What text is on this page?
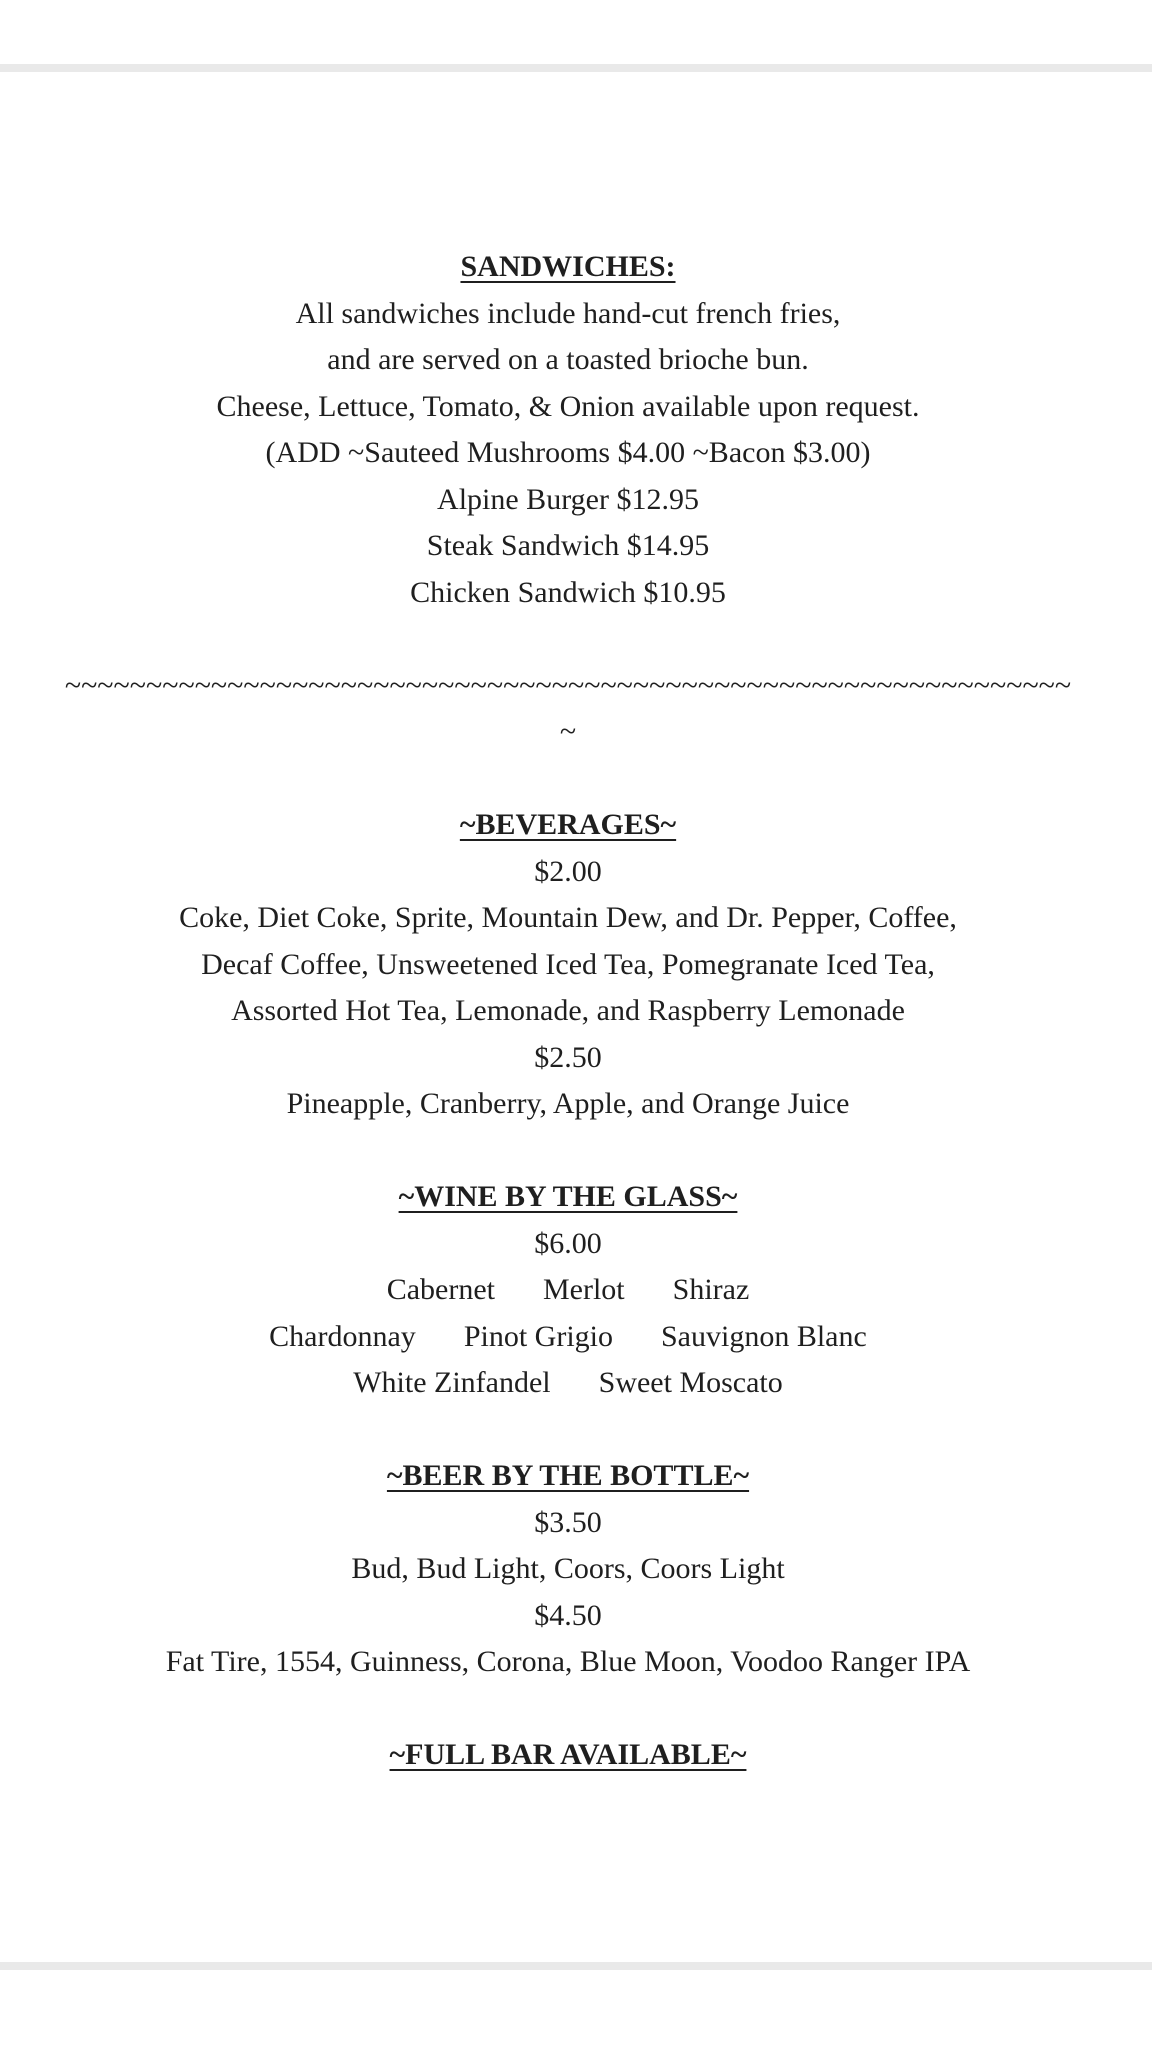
SANDWICHES:

All sandwiches include hand-cut french fries,

and are served on a toasted brioche bun.

Cheese, Lettuce, Tomato, & Onion available upon request.

(ADD ~Sauteed Mushrooms $4.00 ~Bacon $3.00)

Alpine Burger $12.95

Steak Sandwich $14.95

Chicken Sandwich $10.95

~~~~~~~~~~~~~~~~~~~~~~~~~~~~~~~~~~~~~~~~~~~~~~~~~~~~~~~~~~~~~~

~

~BEVERAGES~

$2.00

Coke, Diet Coke, Sprite, Mountain Dew, and Dr. Pepper, Coffee,

Decaf Coffee, Unsweetened Iced Tea, Pomegranate Iced Tea,

Assorted Hot Tea, Lemonade, and Raspberry Lemonade

$2.50

Pineapple, Cranberry, Apple, and Orange Juice

~WINE BY THE GLASS~

$6.00

Cabernet Merlot Shiraz

Chardonnay Pinot Grigio Sauvignon Blanc

White Zinfandel Sweet Moscato

~BEER BY THE BOTTLE~

$3.50

Bud, Bud Light, Coors, Coors Light

$4.50

Fat Tire, 1554, Guinness, Corona, Blue Moon, Voodoo Ranger IPA

~FULL BAR AVAILABLE~
